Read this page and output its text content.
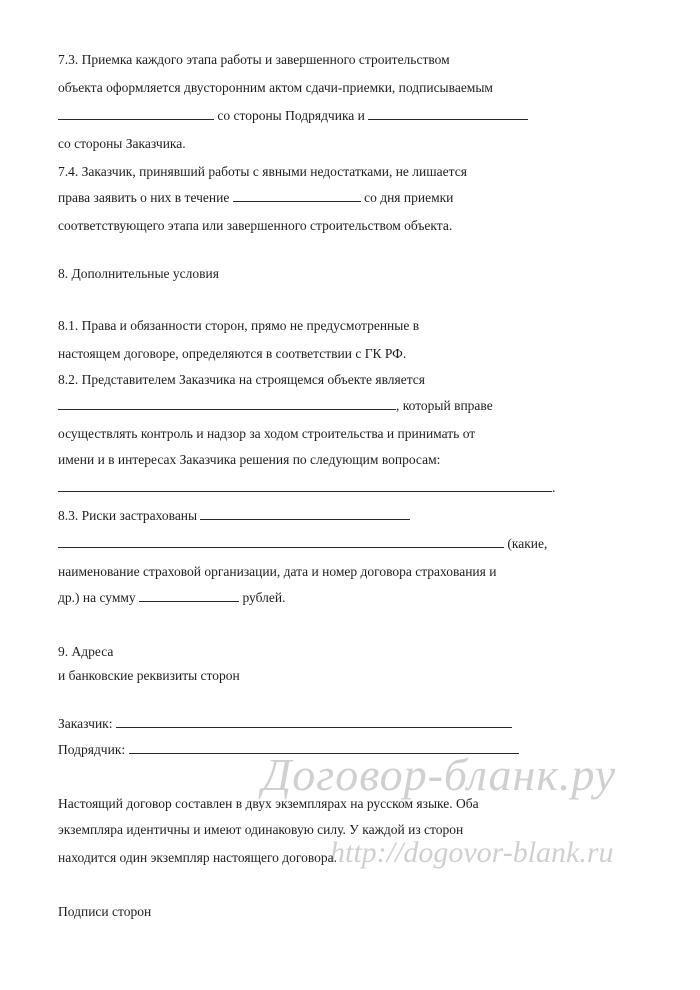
Договор-бланк.ру
http://dogovor-blank.ru
7.3. Приемка каждого этапа работы и завершенного строительством
объекта оформляется двусторонним актом сдачи-приемки, подписываемым
со стороны Подрядчика и
со стороны Заказчика.
7.4. Заказчик, принявший работы с явными недостатками, не лишается
права заявить о них в течение	со дня приемки
соответствующего этапа или завершенного строительством объекта.
8. Дополнительные условия
8.1. Права и обязанности сторон, прямо не предусмотренные в
настоящем договоре, определяются в соответствии с ГК РФ.
8.2. Представителем Заказчика на строящемся объекте является
, который вправе
осуществлять контроль и надзор за ходом строительства и принимать от
имени и в интересах Заказчика решения по следующим вопросам:
.
8.3. Риски застрахованы
(какие,
наименование страховой организации, дата и номер договора страхования и
др.) на сумму	рублей.
9. Адреса
и банковские реквизиты сторон
Заказчик:
Подрядчик:
Настоящий договор составлен в двух экземплярах на русском языке. Оба
экземпляра идентичны и имеют одинаковую силу. У каждой из сторон
находится один экземпляр настоящего договора.
Подписи сторон
